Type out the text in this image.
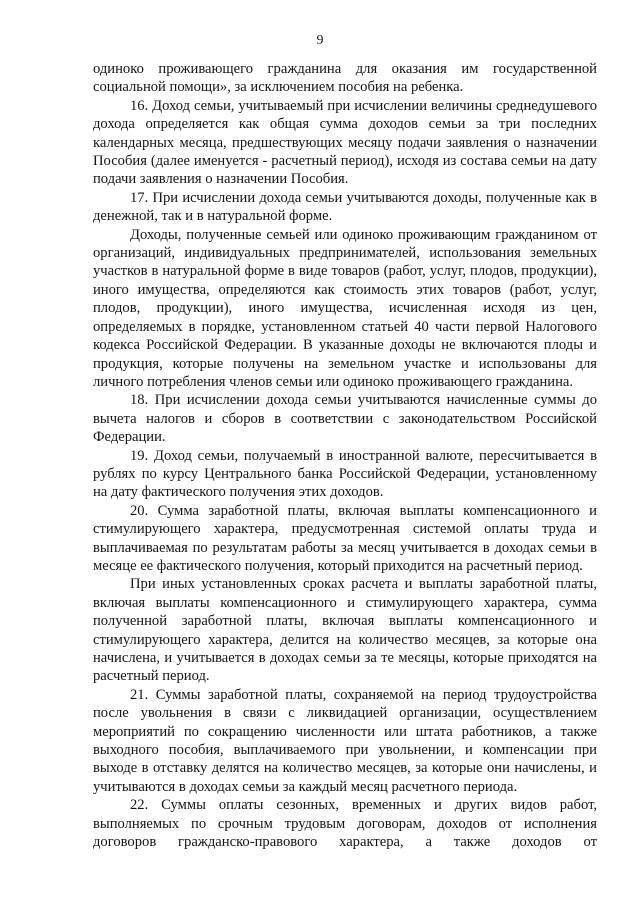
9

одиноко проживающего гражданина для оказания им государственной социальной помощи», за исключением пособия на ребенка.

16. Доход семьи, учитываемый при исчислении величины среднедушевого дохода определяется как общая сумма доходов семьи за три последних календарных месяца, предшествующих месяцу подачи заявления о назначении Пособия (далее именуется - расчетный период), исходя из состава семьи на дату подачи заявления о назначении Пособия.

17. При исчислении дохода семьи учитываются доходы, полученные как в денежной, так и в натуральной форме.

Доходы, полученные семьей или одиноко проживающим гражданином от организаций, индивидуальных предпринимателей, использования земельных участков в натуральной форме в виде товаров (работ, услуг, плодов, продукции), иного имущества, определяются как стоимость этих товаров (работ, услуг, плодов, продукции), иного имущества, исчисленная исходя из цен, определяемых в порядке, установленном статьей 40 части первой Налогового кодекса Российской Федерации. В указанные доходы не включаются плоды и продукция, которые получены на земельном участке и использованы для личного потребления членов семьи или одиноко проживающего гражданина.

18. При исчислении дохода семьи учитываются начисленные суммы до вычета налогов и сборов в соответствии с законодательством Российской Федерации.

19. Доход семьи, получаемый в иностранной валюте, пересчитывается в рублях по курсу Центрального банка Российской Федерации, установленному на дату фактического получения этих доходов.

20. Сумма заработной платы, включая выплаты компенсационного и стимулирующего характера, предусмотренная системой оплаты труда и выплачиваемая по результатам работы за месяц учитывается в доходах семьи в месяце ее фактического получения, который приходится на расчетный период.

При иных установленных сроках расчета и выплаты заработной платы, включая выплаты компенсационного и стимулирующего характера, сумма полученной заработной платы, включая выплаты компенсационного и стимулирующего характера, делится на количество месяцев, за которые она начислена, и учитывается в доходах семьи за те месяцы, которые приходятся на расчетный период.

21. Суммы заработной платы, сохраняемой на период трудоустройства после увольнения в связи с ликвидацией организации, осуществлением мероприятий по сокращению численности или штата работников, а также выходного пособия, выплачиваемого при увольнении, и компенсации при выходе в отставку делятся на количество месяцев, за которые они начислены, и учитываются в доходах семьи за каждый месяц расчетного периода.

22. Суммы оплаты сезонных, временных и других видов работ, выполняемых по срочным трудовым договорам, доходов от исполнения договоров гражданско-правового характера, а также доходов от
